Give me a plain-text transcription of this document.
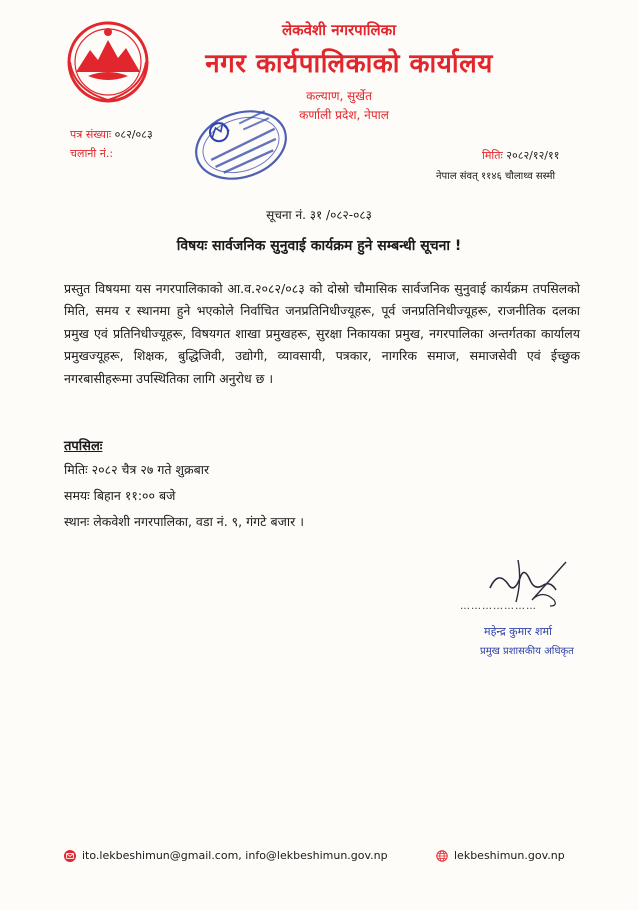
लेकवेशी नगरपालिका
नगर कार्यपालिकाको कार्यालय
कल्याण, सुर्खेत
कर्णाली प्रदेश, नेपाल
पत्र संख्याः ०८२/०८३
चलानी नं.:	मितिः २०८२/१२/११
नेपाल संवत् ११४६ चौलाथ्व सस्मी
सूचना नं. ३१ /०८२-०८३
विषयः सार्वजनिक सुनुवाई कार्यक्रम हुने सम्बन्धी सूचना !
प्रस्तुत विषयमा यस नगरपालिकाको आ.व.२०८२/०८३ को दोस्रो चौमासिक सार्वजनिक सुनुवाई कार्यक्रम तपसिलको मिति, समय र स्थानमा हुने भएकोले निर्वाचित जनप्रतिनिधीज्यूहरू, पूर्व जनप्रतिनिधीज्यूहरू, राजनीतिक दलका प्रमुख एवं प्रतिनिधीज्यूहरू, विषयगत शाखा प्रमुखहरू, सुरक्षा निकायका प्रमुख, नगरपालिका अन्तर्गतका कार्यालय प्रमुखज्यूहरू, शिक्षक, बुद्धिजिवी, उद्योगी, व्यावसायी, पत्रकार, नागरिक समाज, समाजसेवी एवं ईच्छुक नगरबासीहरूमा उपस्थितिका लागि अनुरोध छ ।
तपसिलः
मितिः २०८२ चैत्र २७ गते शुक्रबार
समयः बिहान ११:०० बजे
स्थानः लेकवेशी नगरपालिका, वडा नं. ९, गंगटे बजार ।
…………………
महेन्द्र कुमार शर्मा
प्रमुख प्रशासकीय अधिकृत
ito.lekbeshimun@gmail.com, info@lekbeshimun.gov.np	lekbeshimun.gov.np
